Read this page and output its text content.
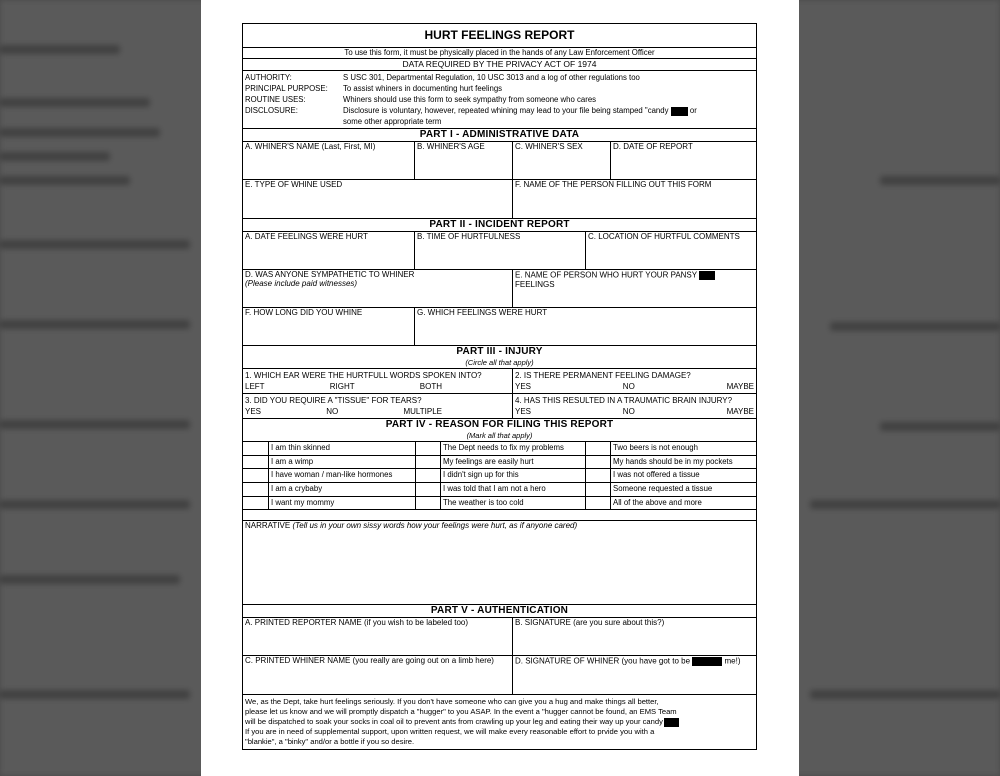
HURT FEELINGS REPORT
To use this form, it must be physically placed in the hands of any Law Enforcement Officer
DATA REQUIRED BY THE PRIVACY ACT OF 1974
AUTHORITY:	S USC 301, Departmental Regulation, 10 USC 3013 and a log of other regulations too
PRINCIPAL PURPOSE:	To assist whiners in documenting hurt feelings
ROUTINE USES:	Whiners should use this form to seek sympathy from someone who cares
DISCLOSURE:	Disclosure is voluntary, however, repeated whining may lead to your file being stamped "candy	or
some other appropriate term
PART I - ADMINISTRATIVE DATA
A. WHINER'S NAME (Last, First, MI)	B. WHINER'S AGE	C. WHINER'S SEX	D. DATE OF REPORT
E. TYPE OF WHINE USED	F. NAME OF THE PERSON FILLING OUT THIS FORM
PART II - INCIDENT REPORT
A. DATE FEELINGS WERE HURT	B. TIME OF HURTFULNESS	C. LOCATION OF HURTFUL COMMENTS
D. WAS ANYONE SYMPATHETIC TO WHINER
(Please include paid witnesses)
E. NAME OF PERSON WHO HURT YOUR PANSY  FEELINGS
F. HOW LONG DID YOU WHINE	G. WHICH FEELINGS WERE HURT
PART III - INJURY
(Circle all that apply)
1. WHICH EAR WERE THE HURTFULL WORDS SPOKEN INTO?
LEFT	RIGHT	BOTH
2. IS THERE PERMANENT FEELING DAMAGE?
YES	NO	MAYBE
3. DID YOU REQUIRE A "TISSUE" FOR TEARS?
YES	NO	MULTIPLE
4. HAS THIS RESULTED IN A TRAUMATIC BRAIN INJURY?
YES	NO	MAYBE
PART IV - REASON FOR FILING THIS REPORT
(Mark all that apply)
I am thin skinned	The Dept needs to fix my problems	Two beers is not enough
I am a wimp	My feelings are easily hurt	My hands should be in my pockets
I have woman / man-like hormones	I didn't sign up for this	I was not offered a tissue
I am a crybaby	I was told that I am not a hero	Someone requested a tissue
I want my mommy	The weather is too cold	All of the above and more
NARRATIVE (Tell us in your own sissy words how your feelings were hurt, as if anyone cared)
PART V - AUTHENTICATION
A. PRINTED REPORTER NAME (if you wish to be labeled too)	B. SIGNATURE (are you sure about this?)
C. PRINTED WHINER NAME (you really are going out on a limb here)	D. SIGNATURE OF WHINER (you have got to be	me!)
We, as the Dept, take hurt feelings seriously. If you don't have someone who can give you a hug and make things all better,
please let us know and we will promptly dispatch a "hugger" to you ASAP. In the event a "hugger cannot be found, an EMS Team
will be dispatched to soak your socks in coal oil to prevent ants from crawling up your leg and eating their way up your candy
If you are in need of supplemental support, upon written request, we will make every reasonable effort to prvide you with a
"blankie", a "binky" and/or a bottle if you so desire.
